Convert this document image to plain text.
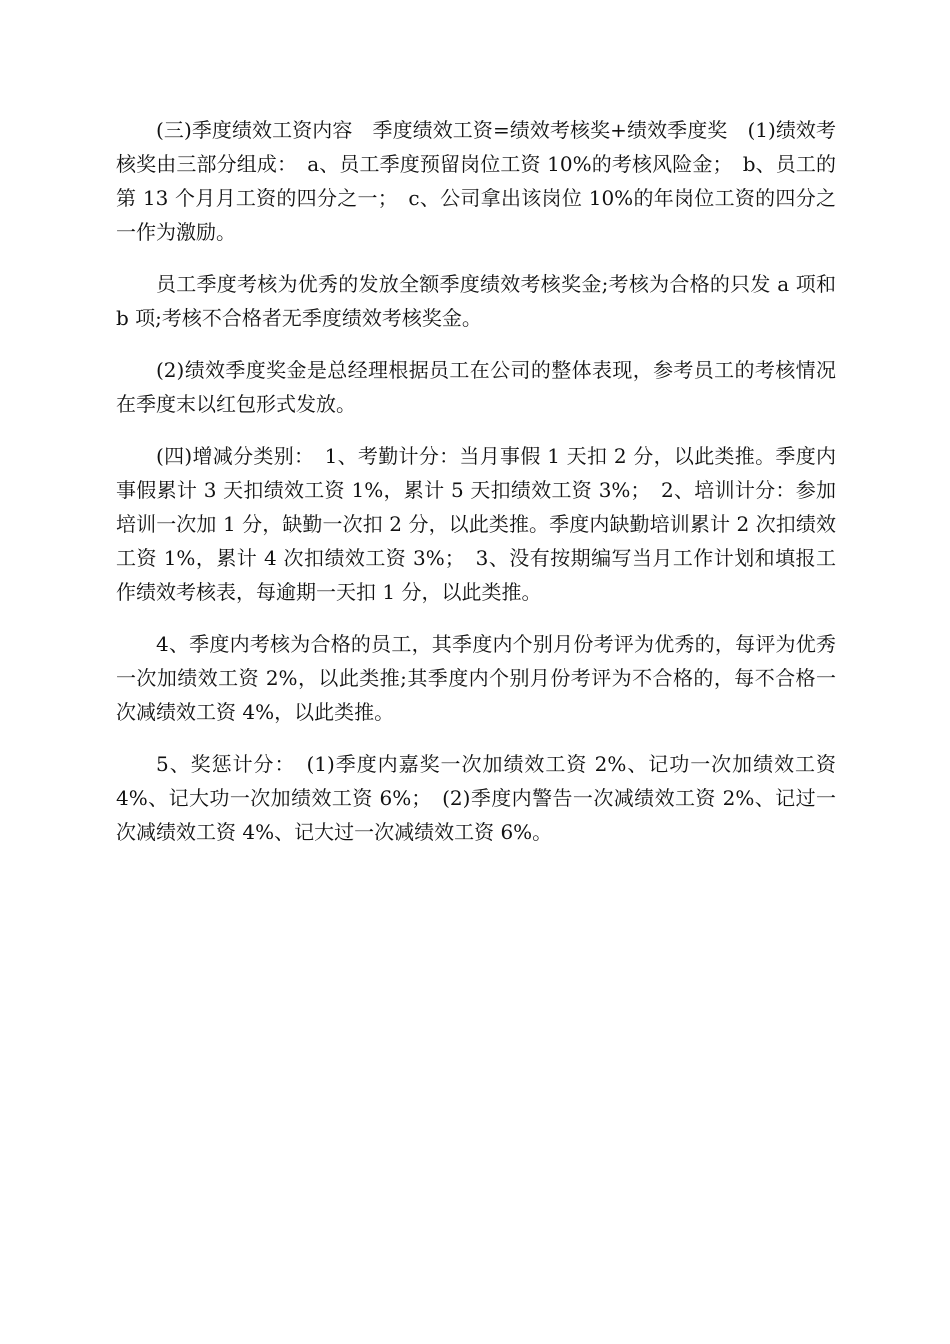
(三)季度绩效工资内容　季度绩效工资=绩效考核奖+绩效季度奖　(1)绩效考核奖由三部分组成：　a、员工季度预留岗位工资 10%的考核风险金；　b、员工的第 13 个月月工资的四分之一；　c、公司拿出该岗位 10%的年岗位工资的四分之一作为激励。

员工季度考核为优秀的发放全额季度绩效考核奖金;考核为合格的只发 a 项和 b 项;考核不合格者无季度绩效考核奖金。

(2)绩效季度奖金是总经理根据员工在公司的整体表现，参考员工的考核情况在季度末以红包形式发放。

(四)增减分类别：　1、考勤计分：当月事假 1 天扣 2 分，以此类推。季度内事假累计 3 天扣绩效工资 1%，累计 5 天扣绩效工资 3%；　2、培训计分：参加培训一次加 1 分，缺勤一次扣 2 分，以此类推。季度内缺勤培训累计 2 次扣绩效工资 1%，累计 4 次扣绩效工资 3%；　3、没有按期编写当月工作计划和填报工作绩效考核表，每逾期一天扣 1 分，以此类推。

4、季度内考核为合格的员工，其季度内个别月份考评为优秀的，每评为优秀一次加绩效工资 2%，以此类推;其季度内个别月份考评为不合格的，每不合格一次减绩效工资 4%，以此类推。

5、奖惩计分：　(1)季度内嘉奖一次加绩效工资 2%、记功一次加绩效工资 4%、记大功一次加绩效工资 6%；　(2)季度内警告一次减绩效工资 2%、记过一次减绩效工资 4%、记大过一次减绩效工资 6%。
